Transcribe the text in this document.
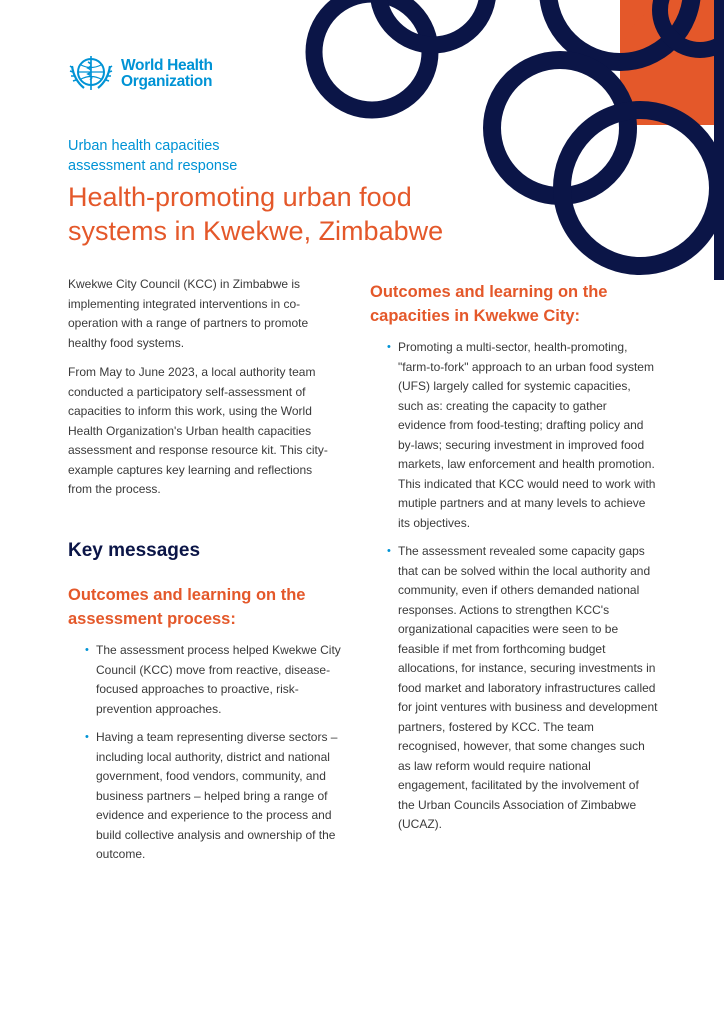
World Health
Organization
Urban health capacities
assessment and response
Health-promoting urban food
systems in Kwekwe, Zimbabwe

Kwekwe City Council (KCC) in Zimbabwe is implementing integrated interventions in co-operation with a range of partners to promote healthy food systems.

From May to June 2023, a local authority team conducted a participatory self-assessment of capacities to inform this work, using the World Health Organization's Urban health capacities assessment and response resource kit. This city-example captures key learning and reflections from the process.

Key messages
Outcomes and learning on the
assessment process:
• The assessment process helped Kwekwe City Council (KCC) move from reactive, disease-focused approaches to proactive, risk-prevention approaches.
• Having a team representing diverse sectors – including local authority, district and national government, food vendors, community, and business partners – helped bring a range of evidence and experience to the process and build collective analysis and ownership of the outcome.
Outcomes and learning on the
capacities in Kwekwe City:
• Promoting a multi-sector, health-promoting, "farm-to-fork" approach to an urban food system (UFS) largely called for systemic capacities, such as: creating the capacity to gather evidence from food-testing; drafting policy and by-laws; securing investment in improved food markets, law enforcement and health promotion. This indicated that KCC would need to work with mutiple partners and at many levels to achieve its objectives.
• The assessment revealed some capacity gaps that can be solved within the local authority and community, even if others demanded national responses. Actions to strengthen KCC's organizational capacities were seen to be feasible if met from forthcoming budget allocations, for instance, securing investments in food market and laboratory infrastructures called for joint ventures with business and development partners, fostered by KCC. The team recognised, however, that some changes such as law reform would require national engagement, facilitated by the involvement of the Urban Councils Association of Zimbabwe (UCAZ).
